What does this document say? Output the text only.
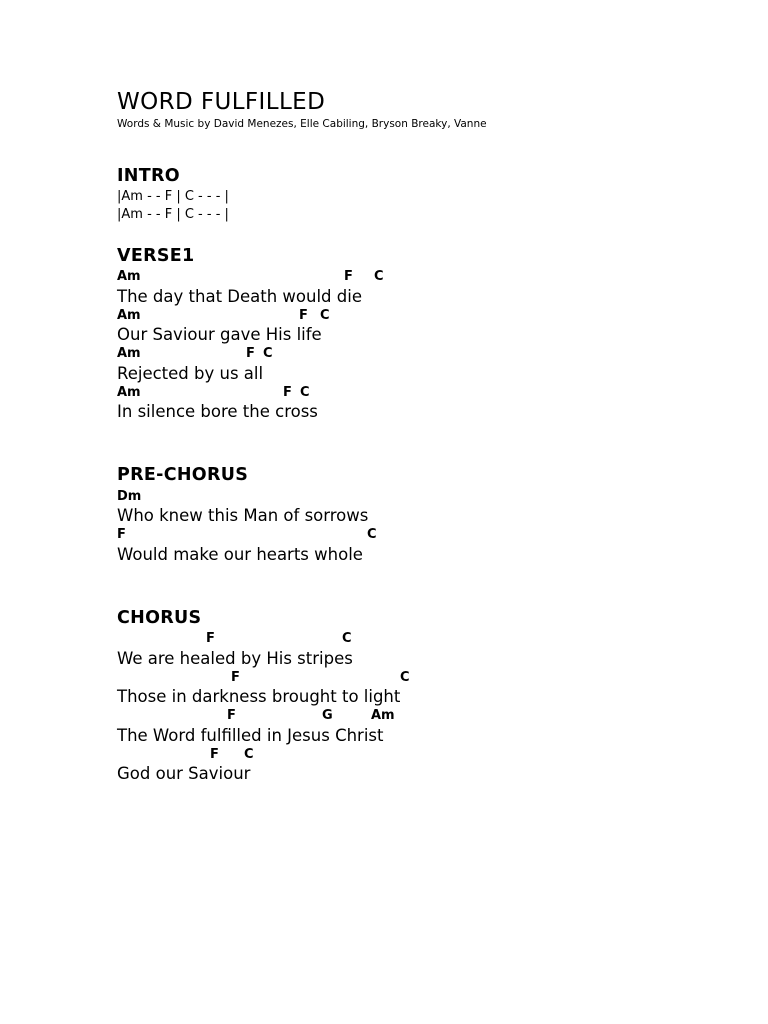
WORD FULFILLED
Words & Music by David Menezes, Elle Cabiling, Bryson Breaky, Vanne
INTRO
|Am - - F | C - - - |
|Am - - F | C - - - |
VERSE1
Am	F C
The day that Death would die
Am	F C
Our Saviour gave His life
Am	F C
Rejected by us all
Am	F C
In silence bore the cross
PRE-CHORUS
Dm
Who knew this Man of sorrows
F	C
Would make our hearts whole
CHORUS
F	C
We are healed by His stripes
F	C
Those in darkness brought to light
F	G	Am
The Word fulfilled in Jesus Christ
F C
God our Saviour
